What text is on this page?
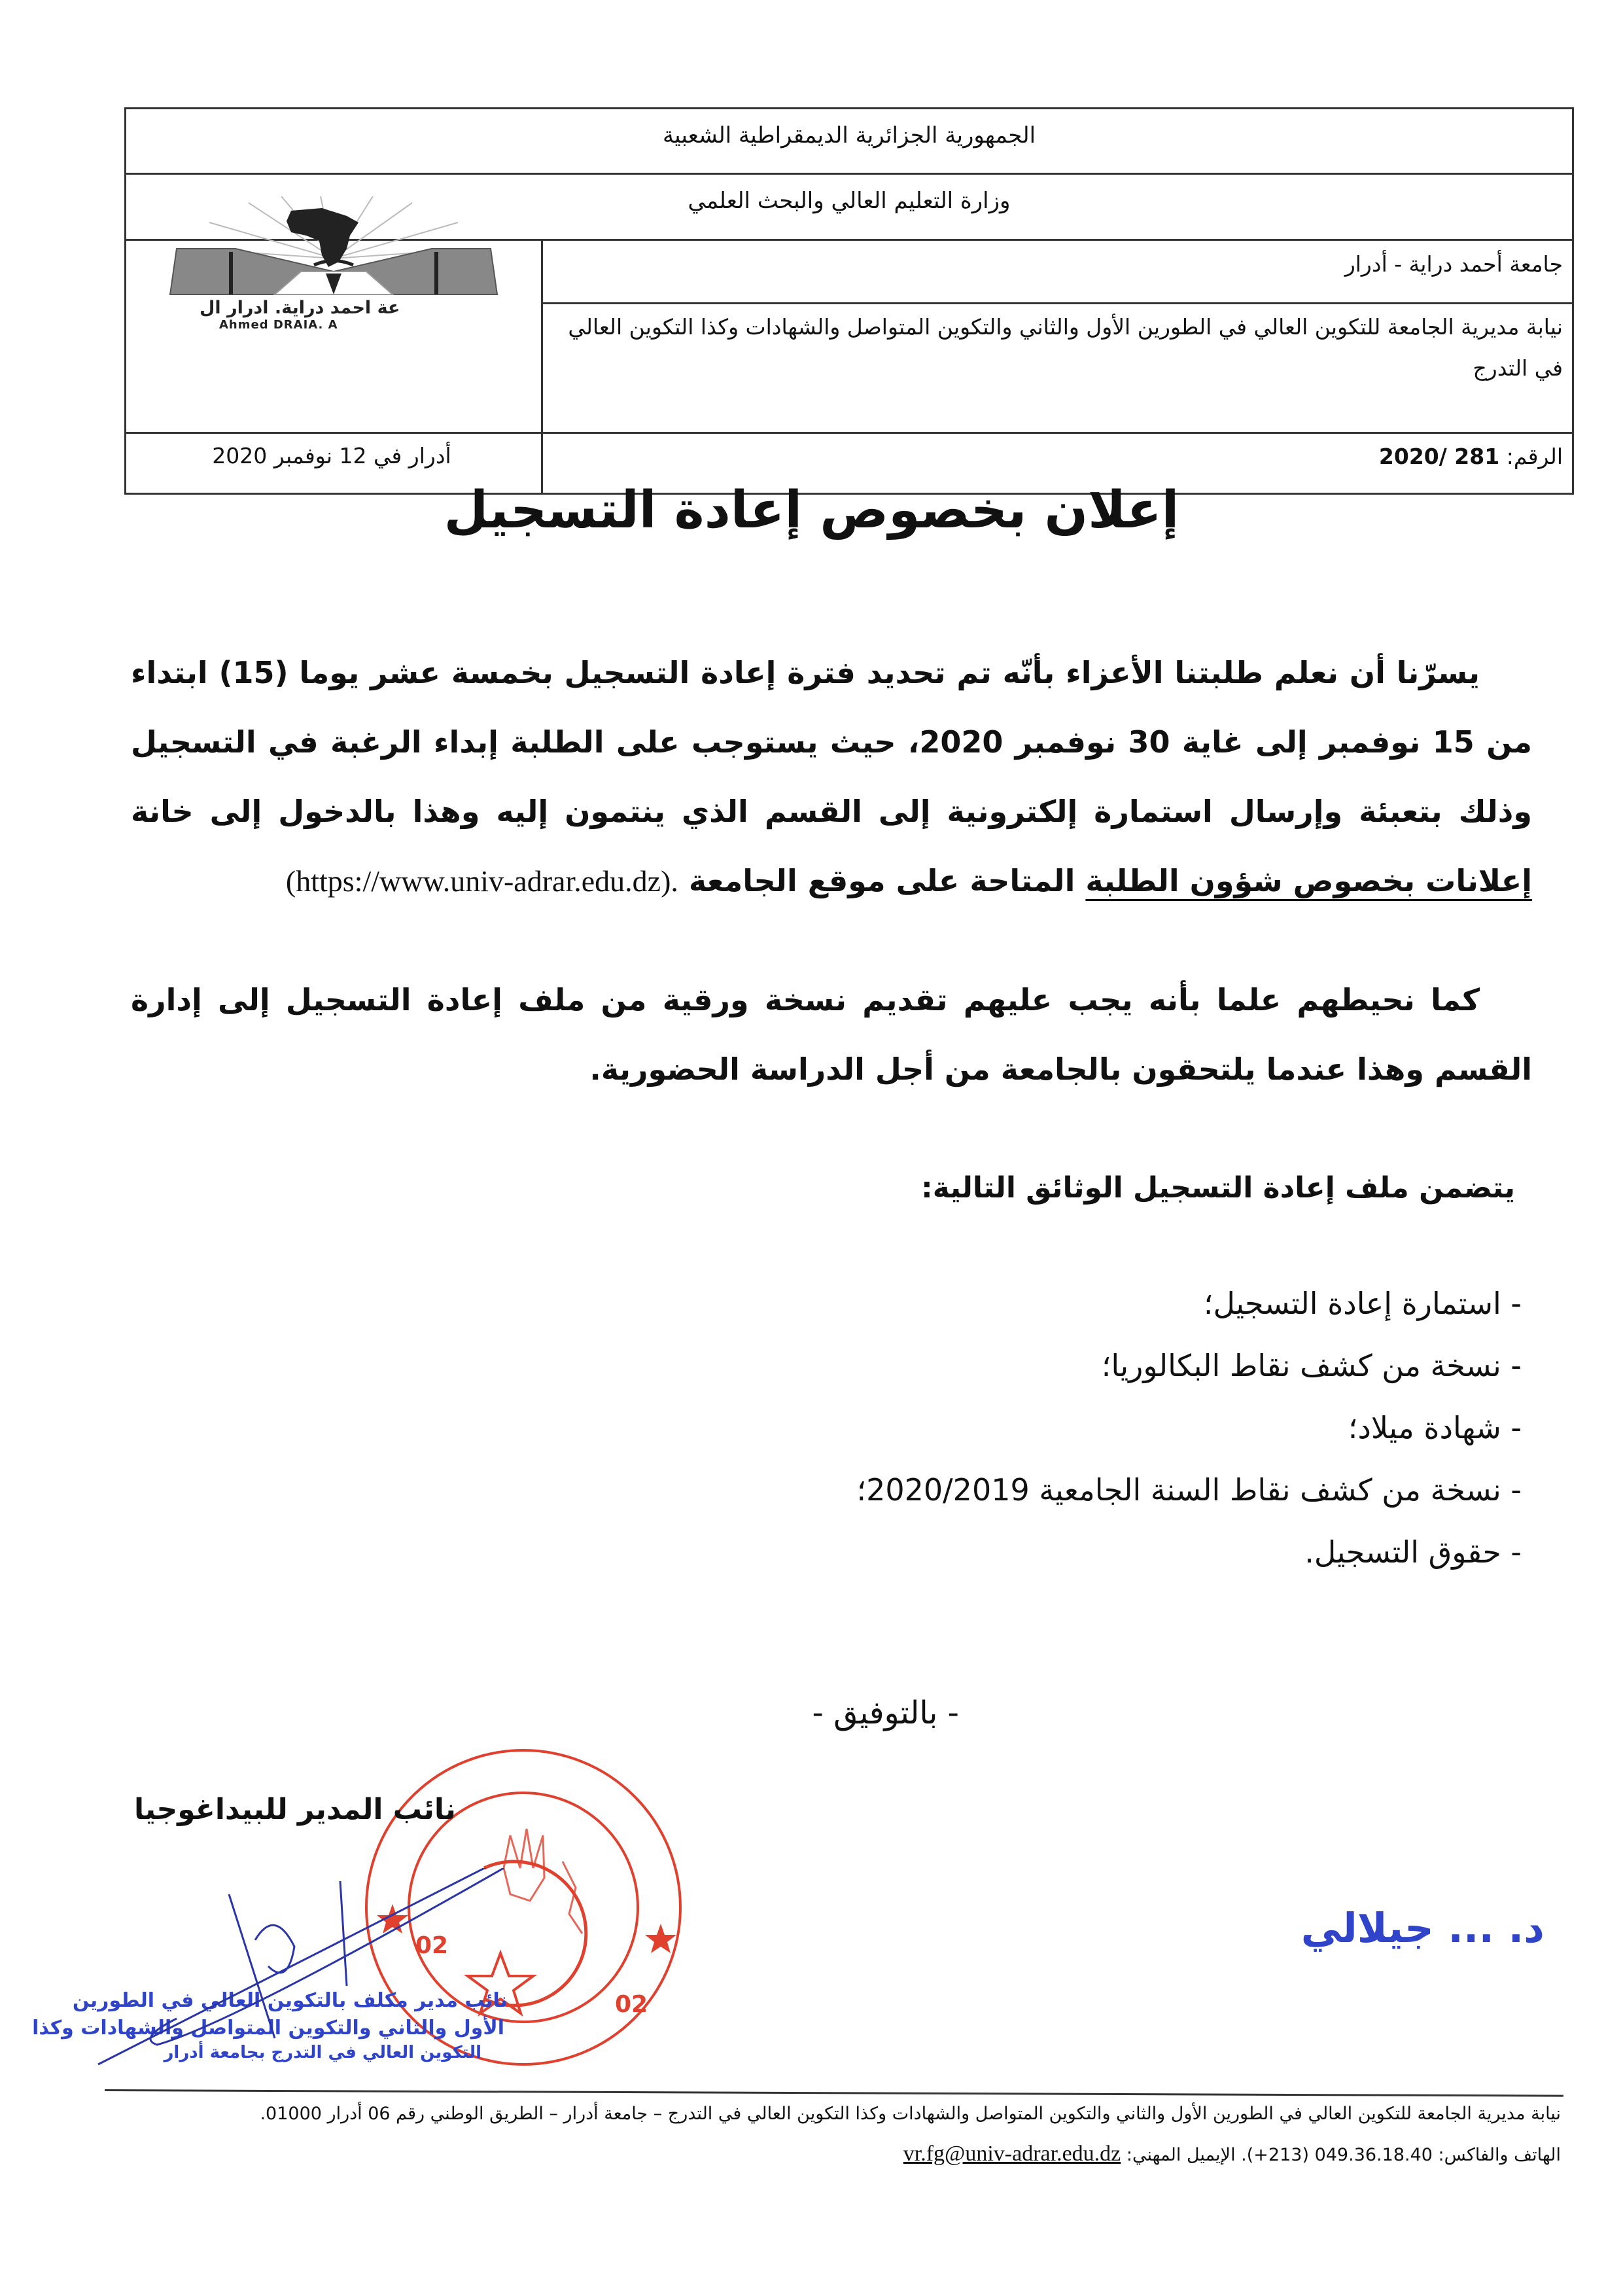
الجمهورية الجزائرية الديمقراطية الشعبية
وزارة التعليم العالي والبحث العلمي
جامعة أحمد دراية - أدرار
نيابة مديرية الجامعة للتكوين العالي في الطورين الأول والثاني والتكوين المتواصل والشهادات وكذا التكوين العالي في التدرج
الرقم: 2020/ 281
أدرار في 12 نوفمبر 2020
عة احمد دراية. ادرار ال
Ahmed DRAIA. A
إعلان بخصوص إعادة التسجيل
يسرّنا أن نعلم طلبتنا الأعزاء بأنّه تم تحديد فترة إعادة التسجيل بخمسة عشر يوما (15) ابتداء من 15 نوفمبر إلى غاية 30 نوفمبر 2020، حيث يستوجب على الطلبة إبداء الرغبة في التسجيل وذلك بتعبئة وإرسال استمارة إلكترونية إلى القسم الذي ينتمون إليه وهذا بالدخول إلى خانة إعلانات بخصوص شؤون الطلبة المتاحة على موقع الجامعة (https://www.univ-adrar.edu.dz).
كما نحيطهم علما بأنه يجب عليهم تقديم نسخة ورقية من ملف إعادة التسجيل إلى إدارة القسم وهذا عندما يلتحقون بالجامعة من أجل الدراسة الحضورية.
يتضمن ملف إعادة التسجيل الوثائق التالية:
- استمارة إعادة التسجيل؛
- نسخة من كشف نقاط البكالوريا؛
- شهادة ميلاد؛
- نسخة من كشف نقاط السنة الجامعية 2020/2019؛
- حقوق التسجيل.
- بالتوفيق -
02
02
نائب المدير للبيداغوجيا
د. ... جيلالي
نائب مدير مكلف بالتكوين العالي في الطورين
الأول والثاني والتكوين المتواصل والشهادات وكذا
التكوين العالي في التدرج بجامعة أدرار
نيابة مديرية الجامعة للتكوين العالي في الطورين الأول والثاني والتكوين المتواصل والشهادات وكذا التكوين العالي في التدرج – جامعة أدرار – الطريق الوطني رقم 06 أدرار 01000.
الهاتف والفاكس: 049.36.18.40 (213+). الإيميل المهني: vr.fg@univ-adrar.edu.dz
